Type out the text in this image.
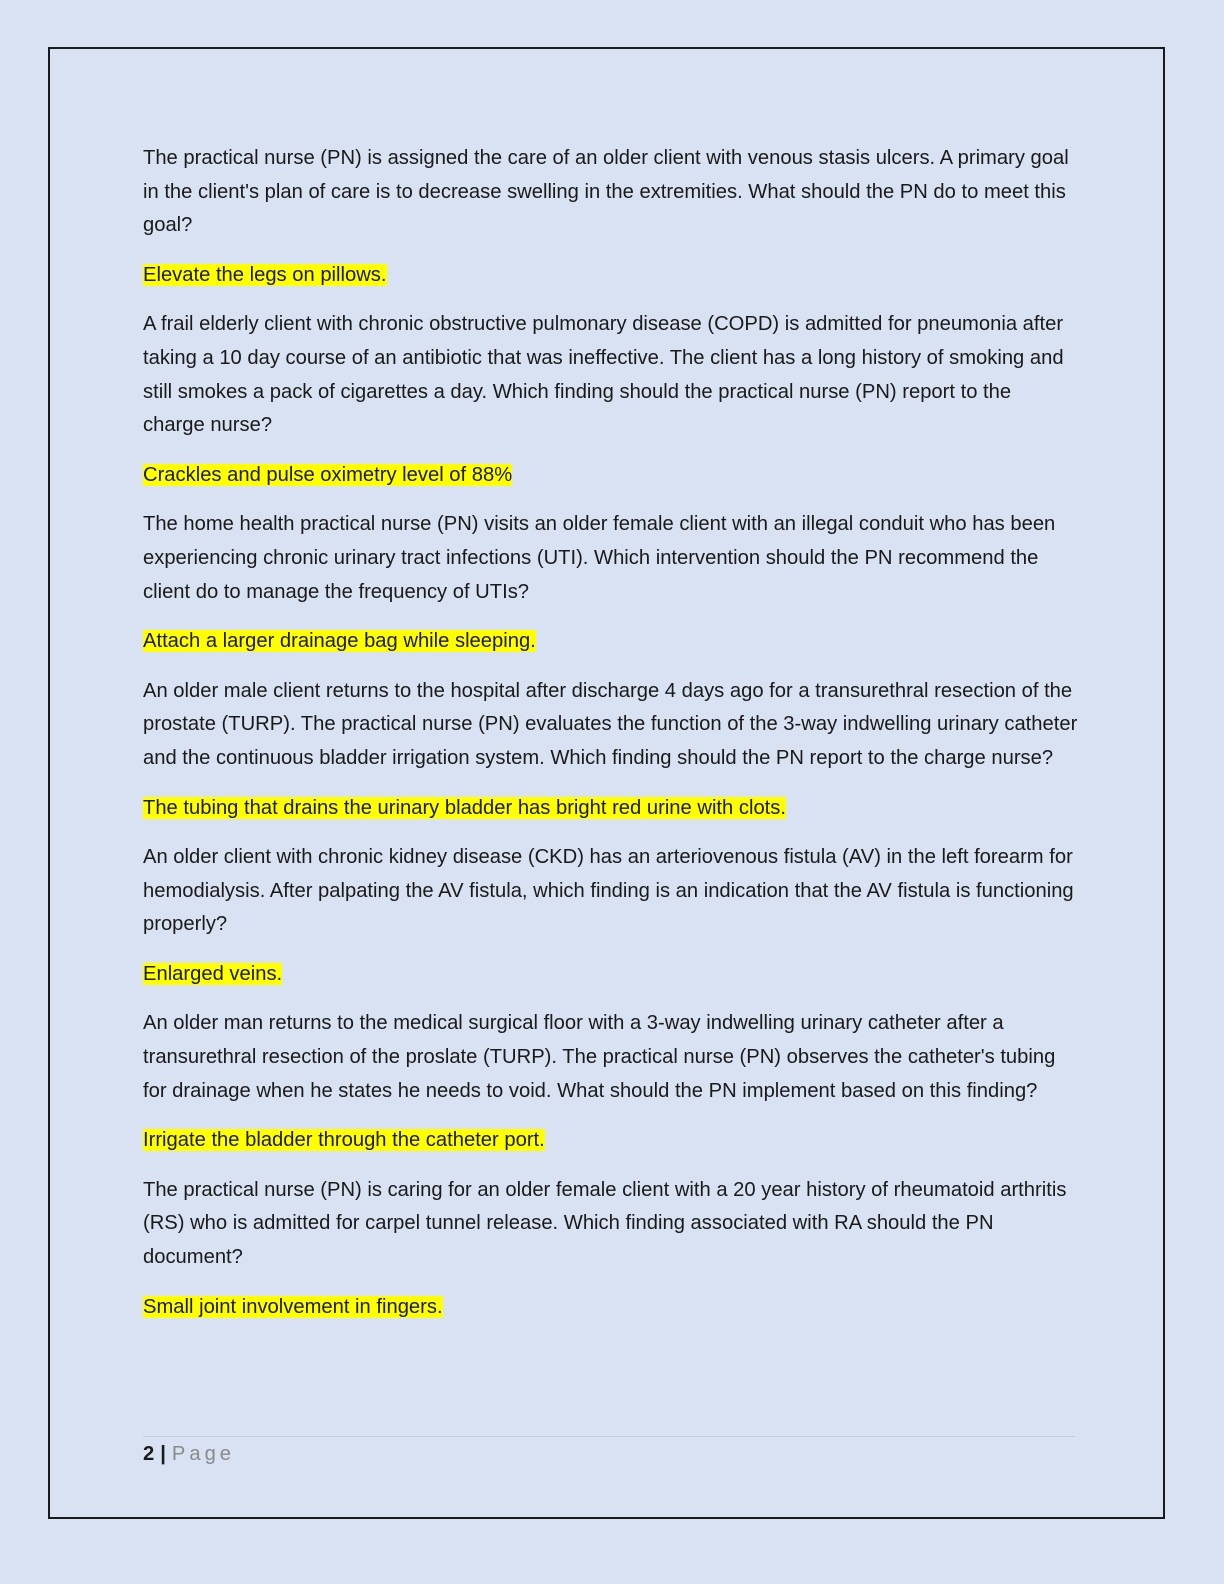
The practical nurse (PN) is assigned the care of an older client with venous stasis ulcers. A primary goal in the client's plan of care is to decrease swelling in the extremities. What should the PN do to meet this goal?

Elevate the legs on pillows.

A frail elderly client with chronic obstructive pulmonary disease (COPD) is admitted for pneumonia after taking a 10 day course of an antibiotic that was ineffective. The client has a long history of smoking and still smokes a pack of cigarettes a day. Which finding should the practical nurse (PN) report to the charge nurse?

Crackles and pulse oximetry level of 88%

The home health practical nurse (PN) visits an older female client with an illegal conduit who has been experiencing chronic urinary tract infections (UTI). Which intervention should the PN recommend the client do to manage the frequency of UTIs?

Attach a larger drainage bag while sleeping.

An older male client returns to the hospital after discharge 4 days ago for a transurethral resection of the prostate (TURP). The practical nurse (PN) evaluates the function of the 3-way indwelling urinary catheter and the continuous bladder irrigation system. Which finding should the PN report to the charge nurse?

The tubing that drains the urinary bladder has bright red urine with clots.

An older client with chronic kidney disease (CKD) has an arteriovenous fistula (AV) in the left forearm for hemodialysis. After palpating the AV fistula, which finding is an indication that the AV fistula is functioning properly?

Enlarged veins.

An older man returns to the medical surgical floor with a 3-way indwelling urinary catheter after a transurethral resection of the proslate (TURP). The practical nurse (PN) observes the catheter's tubing for drainage when he states he needs to void. What should the PN implement based on this finding?

Irrigate the bladder through the catheter port.

The practical nurse (PN) is caring for an older female client with a 20 year history of rheumatoid arthritis (RS) who is admitted for carpel tunnel release. Which finding associated with RA should the PN document?

Small joint involvement in fingers.

2 | Page
